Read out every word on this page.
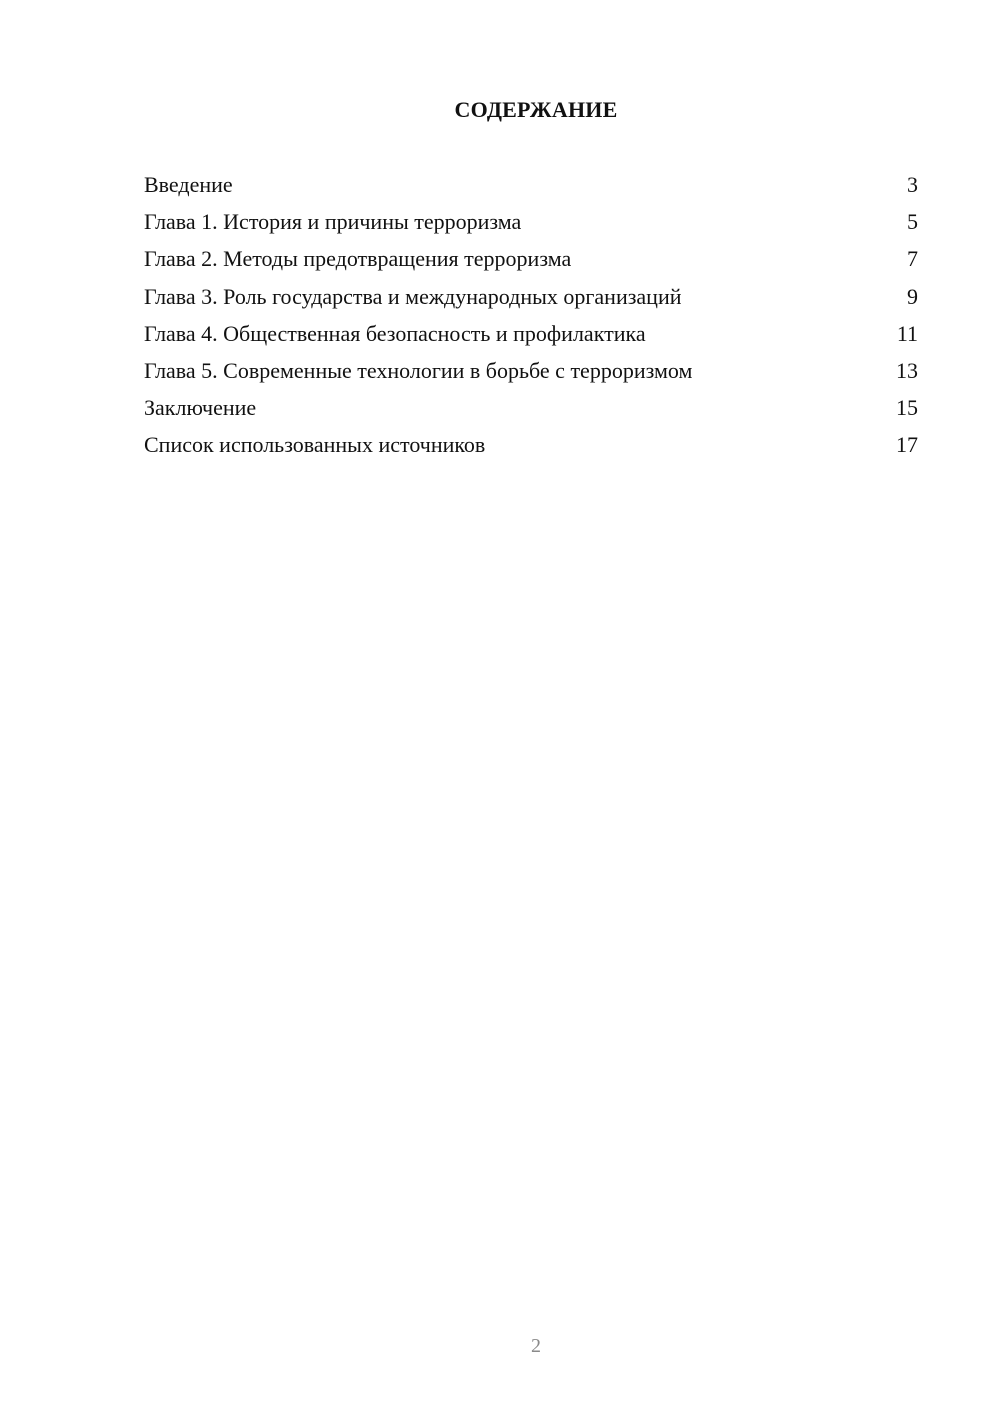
СОДЕРЖАНИЕ
Введение	3
Глава 1. История и причины терроризма	5
Глава 2. Методы предотвращения терроризма	7
Глава 3. Роль государства и международных организаций	9
Глава 4. Общественная безопасность и профилактика	11
Глава 5. Современные технологии в борьбе с терроризмом	13
Заключение	15
Список использованных источников	17
2
